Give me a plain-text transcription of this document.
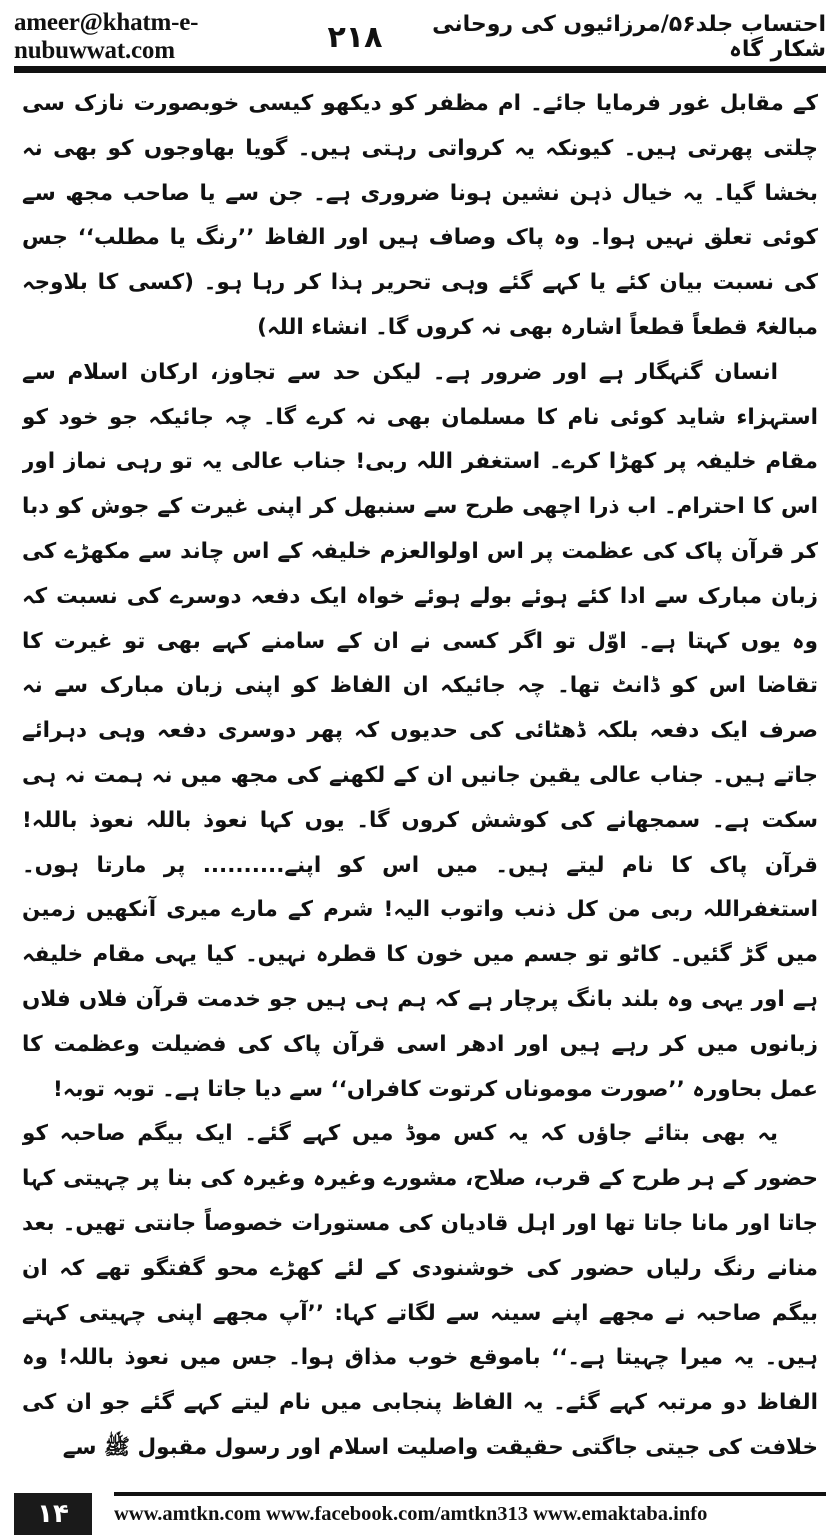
ameer@khatm-e-nubuwwat.com	۲۱۸	احتساب جلد۵۶/مرزائیوں کی روحانی شکار گاہ

کے مقابل غور فرمایا جائے۔ ام مظفر کو دیکھو کیسی خوبصورت نازک سی چلتی پھرتی ہیں۔ کیونکہ یہ کرواتی رہتی ہیں۔ گویا بھاوجوں کو بھی نہ بخشا گیا۔ یہ خیال ذہن نشین ہونا ضروری ہے۔ جن سے یا صاحب مجھ سے کوئی تعلق نہیں ہوا۔ وہ پاک وصاف ہیں اور الفاظ ’’رنگ یا مطلب‘‘ جس کی نسبت بیان کئے یا کہے گئے وہی تحریر ہذا کر رہا ہو۔ (کسی کا بلاوجہ مبالغۃً قطعاً قطعاً اشارہ بھی نہ کروں گا۔ انشاء اللہ)

انسان گنہگار ہے اور ضرور ہے۔ لیکن حد سے تجاوز، ارکان اسلام سے استہزاء شاید کوئی نام کا مسلمان بھی نہ کرے گا۔ چہ جائیکہ جو خود کو مقام خلیفہ پر کھڑا کرے۔ استغفر اللہ ربی! جناب عالی یہ تو رہی نماز اور اس کا احترام۔ اب ذرا اچھی طرح سے سنبھل کر اپنی غیرت کے جوش کو دبا کر قرآن پاک کی عظمت پر اس اولوالعزم خلیفہ کے اس چاند سے مکھڑے کی زبان مبارک سے ادا کئے ہوئے بولے ہوئے خواہ ایک دفعہ دوسرے کی نسبت کہ وہ یوں کہتا ہے۔ اوّل تو اگر کسی نے ان کے سامنے کہے بھی تو غیرت کا تقاضا اس کو ڈانٹ تھا۔ چہ جائیکہ ان الفاظ کو اپنی زبان مبارک سے نہ صرف ایک دفعہ بلکہ ڈھٹائی کی حدیوں کہ پھر دوسری دفعہ وہی دہرائے جاتے ہیں۔ جناب عالی یقین جانیں ان کے لکھنے کی مجھ میں نہ ہمت نہ ہی سکت ہے۔ سمجھانے کی کوشش کروں گا۔ یوں کہا نعوذ باللہ نعوذ باللہ! قرآن پاک کا نام لیتے ہیں۔ میں اس کو اپنے.......... پر مارتا ہوں۔ استغفراللہ ربی من کل ذنب واتوب الیہ! شرم کے مارے میری آنکھیں زمین میں گڑ گئیں۔ کاٹو تو جسم میں خون کا قطرہ نہیں۔ کیا یہی مقام خلیفہ ہے اور یہی وہ بلند بانگ پرچار ہے کہ ہم ہی ہیں جو خدمت قرآن فلاں فلاں زبانوں میں کر رہے ہیں اور ادھر اسی قرآن پاک کی فضیلت وعظمت کا عمل بحاورہ ’’صورت موموناں کرتوت کافراں‘‘ سے دیا جاتا ہے۔ توبہ توبہ!

یہ بھی بتائے جاؤں کہ یہ کس موڈ میں کہے گئے۔ ایک بیگم صاحبہ کو حضور کے ہر طرح کے قرب، صلاح، مشورے وغیرہ وغیرہ کی بنا پر چہیتی کہا جاتا اور مانا جاتا تھا اور اہل قادیان کی مستورات خصوصاً جانتی تھیں۔ بعد منانے رنگ رلیاں حضور کی خوشنودی کے لئے کھڑے محو گفتگو تھے کہ ان بیگم صاحبہ نے مجھے اپنے سینہ سے لگاتے کہا: ’’آپ مجھے اپنی چہیتی کہتے ہیں۔ یہ میرا چہیتا ہے۔‘‘ باموقع خوب مذاق ہوا۔ جس میں نعوذ باللہ! وہ الفاظ دو مرتبہ کہے گئے۔ یہ الفاظ پنجابی میں نام لیتے کہے گئے جو ان کی خلافت کی جیتی جاگتی حقیقت واصلیت اسلام اور رسول مقبول ﷺ سے

۱۴	www.amtkn.com www.facebook.com/amtkn313 www.emaktaba.info
